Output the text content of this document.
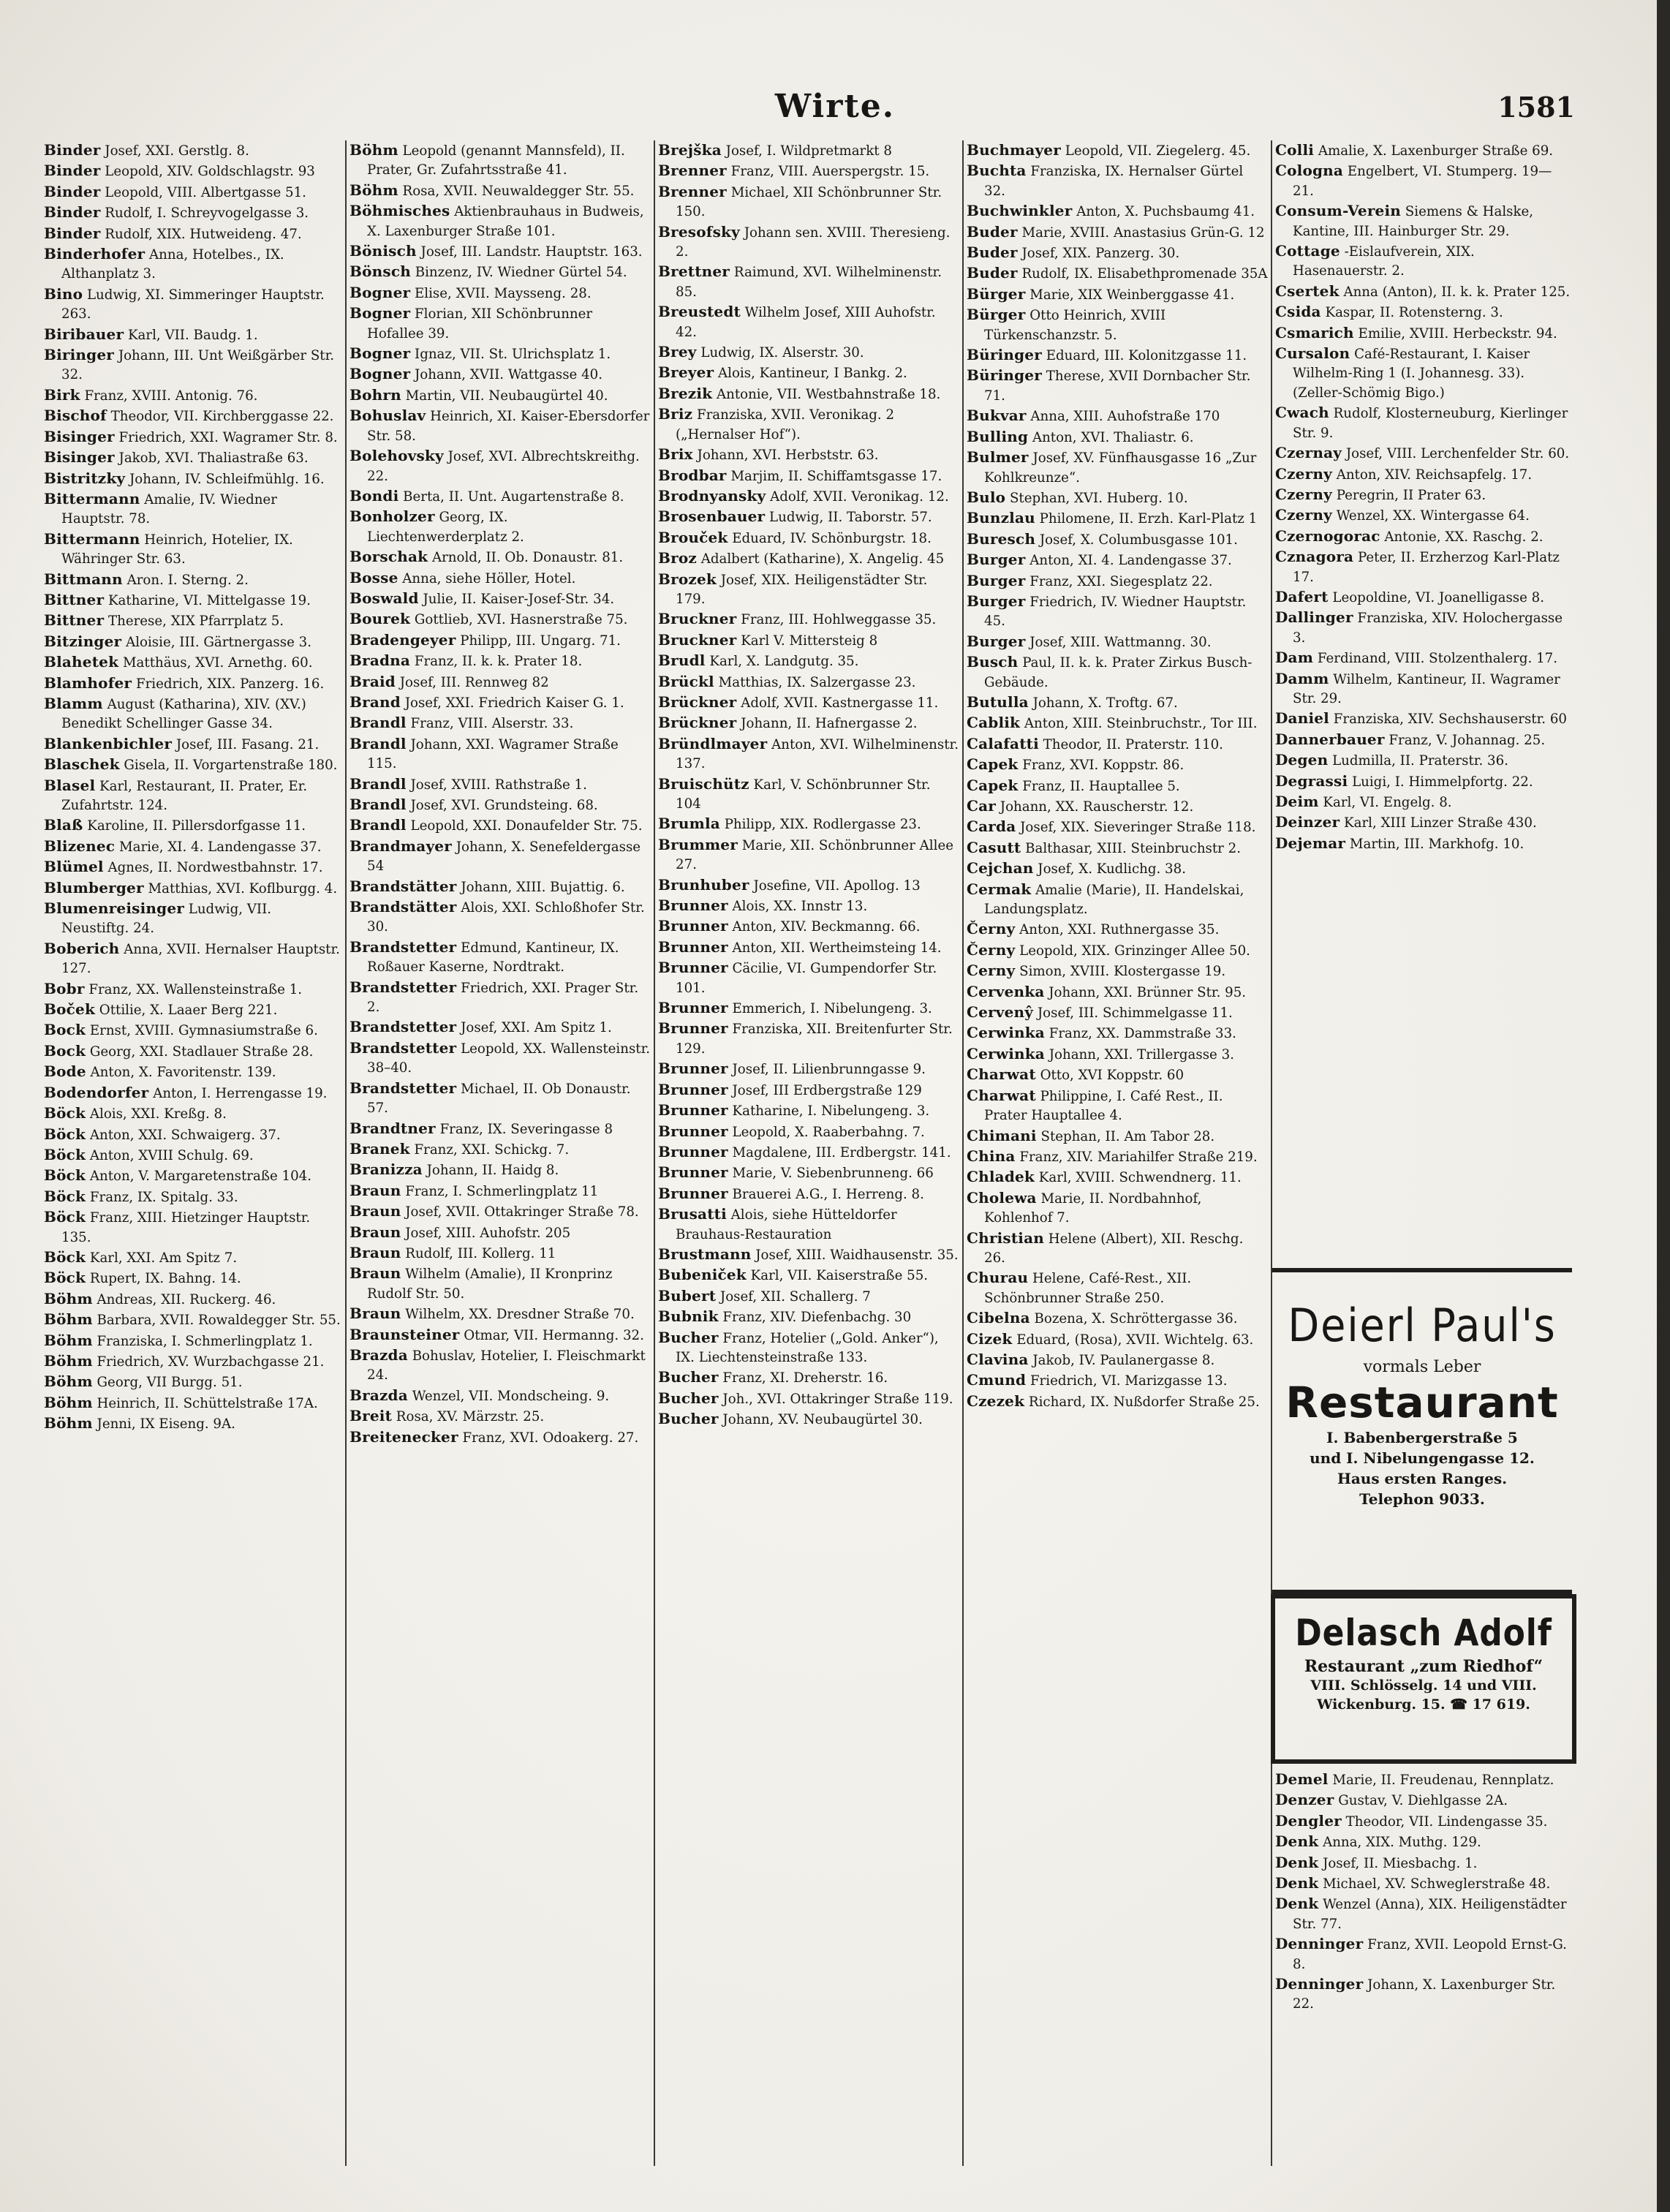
Wirte.	1581

Binder Josef, XXI. Gerstlg. 8.

Binder Leopold, XIV. Goldschlagstr. 93

Binder Leopold, VIII. Albertgasse 51.

Binder Rudolf, I. Schreyvogelgasse 3.

Binder Rudolf, XIX. Hutweideng. 47.

Binderhofer Anna, Hotelbes., IX. Althanplatz 3.

Bino Ludwig, XI. Simmeringer Hauptstr. 263.

Biribauer Karl, VII. Baudg. 1.

Biringer Johann, III. Unt Weißgärber Str. 32.

Birk Franz, XVIII. Antonig. 76.

Bischof Theodor, VII. Kirchberggasse 22.

Bisinger Friedrich, XXI. Wagramer Str. 8.

Bisinger Jakob, XVI. Thaliastraße 63.

Bistritzky Johann, IV. Schleifmühlg. 16.

Bittermann Amalie, IV. Wiedner Hauptstr. 78.

Bittermann Heinrich, Hotelier, IX. Währinger Str. 63.

Bittmann Aron. I. Sterng. 2.

Bittner Katharine, VI. Mittelgasse 19.

Bittner Therese, XIX Pfarrplatz 5.

Bitzinger Aloisie, III. Gärtnergasse 3.

Blahetek Matthäus, XVI. Arnethg. 60.

Blamhofer Friedrich, XIX. Panzerg. 16.

Blamm August (Katharina), XIV. (XV.) Benedikt Schellinger Gasse 34.

Blankenbichler Josef, III. Fasang. 21.

Blaschek Gisela, II. Vorgartenstraße 180.

Blasel Karl, Restaurant, II. Prater, Er. Zufahrtstr. 124.

Blaß Karoline, II. Pillersdorfgasse 11.

Blizenec Marie, XI. 4. Landengasse 37.

Blümel Agnes, II. Nordwestbahnstr. 17.

Blumberger Matthias, XVI. Koflburgg. 4.

Blumenreisinger Ludwig, VII. Neustiftg. 24.

Boberich Anna, XVII. Hernalser Hauptstr. 127.

Bobr Franz, XX. Wallensteinstraße 1.

Boček Ottilie, X. Laaer Berg 221.

Bock Ernst, XVIII. Gymnasiumstraße 6.

Bock Georg, XXI. Stadlauer Straße 28.

Bode Anton, X. Favoritenstr. 139.

Bodendorfer Anton, I. Herrengasse 19.

Böck Alois, XXI. Kreßg. 8.

Böck Anton, XXI. Schwaigerg. 37.

Böck Anton, XVIII Schulg. 69.

Böck Anton, V. Margaretenstraße 104.

Böck Franz, IX. Spitalg. 33.

Böck Franz, XIII. Hietzinger Hauptstr. 135.

Böck Karl, XXI. Am Spitz 7.

Böck Rupert, IX. Bahng. 14.

Böhm Andreas, XII. Ruckerg. 46.

Böhm Barbara, XVII. Rowaldegger Str. 55.

Böhm Franziska, I. Schmerlingplatz 1.

Böhm Friedrich, XV. Wurzbachgasse 21.

Böhm Georg, VII Burgg. 51.

Böhm Heinrich, II. Schüttelstraße 17A.

Böhm Jenni, IX Eiseng. 9A.

Böhm Leopold (genannt Mannsfeld), II. Prater, Gr. Zufahrtsstraße 41.

Böhm Rosa, XVII. Neuwaldegger Str. 55.

Böhmisches Aktienbrauhaus in Budweis, X. Laxenburger Straße 101.

Bönisch Josef, III. Landstr. Hauptstr. 163.

Bönsch Binzenz, IV. Wiedner Gürtel 54.

Bogner Elise, XVII. Maysseng. 28.

Bogner Florian, XII Schönbrunner Hofallee 39.

Bogner Ignaz, VII. St. Ulrichsplatz 1.

Bogner Johann, XVII. Wattgasse 40.

Bohrn Martin, VII. Neubaugürtel 40.

Bohuslav Heinrich, XI. Kaiser-Ebersdorfer Str. 58.

Bolehovsky Josef, XVI. Albrechtskreithg. 22.

Bondi Berta, II. Unt. Augartenstraße 8.

Bonholzer Georg, IX. Liechtenwerderplatz 2.

Borschak Arnold, II. Ob. Donaustr. 81.

Bosse Anna, siehe Höller, Hotel.

Boswald Julie, II. Kaiser-Josef-Str. 34.

Bourek Gottlieb, XVI. Hasnerstraße 75.

Bradengeyer Philipp, III. Ungarg. 71.

Bradna Franz, II. k. k. Prater 18.

Braid Josef, III. Rennweg 82

Brand Josef, XXI. Friedrich Kaiser G. 1.

Brandl Franz, VIII. Alserstr. 33.

Brandl Johann, XXI. Wagramer Straße 115.

Brandl Josef, XVIII. Rathstraße 1.

Brandl Josef, XVI. Grundsteing. 68.

Brandl Leopold, XXI. Donaufelder Str. 75.

Brandmayer Johann, X. Senefeldergasse 54

Brandstätter Johann, XIII. Bujattig. 6.

Brandstätter Alois, XXI. Schloßhofer Str. 30.

Brandstetter Edmund, Kantineur, IX. Roßauer Kaserne, Nordtrakt.

Brandstetter Friedrich, XXI. Prager Str. 2.

Brandstetter Josef, XXI. Am Spitz 1.

Brandstetter Leopold, XX. Wallensteinstr. 38–40.

Brandstetter Michael, II. Ob Donaustr. 57.

Brandtner Franz, IX. Severingasse 8

Branek Franz, XXI. Schickg. 7.

Branizza Johann, II. Haidg 8.

Braun Franz, I. Schmerlingplatz 11

Braun Josef, XVII. Ottakringer Straße 78.

Braun Josef, XIII. Auhofstr. 205

Braun Rudolf, III. Kollerg. 11

Braun Wilhelm (Amalie), II Kronprinz Rudolf Str. 50.

Braun Wilhelm, XX. Dresdner Straße 70.

Braunsteiner Otmar, VII. Hermanng. 32.

Brazda Bohuslav, Hotelier, I. Fleischmarkt 24.

Brazda Wenzel, VII. Mondscheing. 9.

Breit Rosa, XV. Märzstr. 25.

Breitenecker Franz, XVI. Odoakerg. 27.

Brejška Josef, I. Wildpretmarkt 8

Brenner Franz, VIII. Auerspergstr. 15.

Brenner Michael, XII Schönbrunner Str. 150.

Bresofsky Johann sen. XVIII. Theresieng. 2.

Brettner Raimund, XVI. Wilhelminenstr. 85.

Breustedt Wilhelm Josef, XIII Auhofstr. 42.

Brey Ludwig, IX. Alserstr. 30.

Breyer Alois, Kantineur, I Bankg. 2.

Brezik Antonie, VII. Westbahnstraße 18.

Briz Franziska, XVII. Veronikag. 2 („Hernalser Hof“).

Brix Johann, XVI. Herbststr. 63.

Brodbar Marjim, II. Schiffamtsgasse 17.

Brodnyansky Adolf, XVII. Veronikag. 12.

Brosenbauer Ludwig, II. Taborstr. 57.

Brouček Eduard, IV. Schönburgstr. 18.

Broz Adalbert (Katharine), X. Angelig. 45

Brozek Josef, XIX. Heiligenstädter Str. 179.

Bruckner Franz, III. Hohlweggasse 35.

Bruckner Karl V. Mittersteig 8

Brudl Karl, X. Landgutg. 35.

Brückl Matthias, IX. Salzergasse 23.

Brückner Adolf, XVII. Kastnergasse 11.

Brückner Johann, II. Hafnergasse 2.

Bründlmayer Anton, XVI. Wilhelminenstr. 137.

Bruischütz Karl, V. Schönbrunner Str. 104

Brumla Philipp, XIX. Rodlergasse 23.

Brummer Marie, XII. Schönbrunner Allee 27.

Brunhuber Josefine, VII. Apollog. 13

Brunner Alois, XX. Innstr 13.

Brunner Anton, XIV. Beckmanng. 66.

Brunner Anton, XII. Wertheimsteing 14.

Brunner Cäcilie, VI. Gumpendorfer Str. 101.

Brunner Emmerich, I. Nibelungeng. 3.

Brunner Franziska, XII. Breitenfurter Str. 129.

Brunner Josef, II. Lilienbrunngasse 9.

Brunner Josef, III Erdbergstraße 129

Brunner Katharine, I. Nibelungeng. 3.

Brunner Leopold, X. Raaberbahng. 7.

Brunner Magdalene, III. Erdbergstr. 141.

Brunner Marie, V. Siebenbrunneng. 66

Brunner Brauerei A.G., I. Herreng. 8.

Brusatti Alois, siehe Hütteldorfer Brauhaus-Restauration

Brustmann Josef, XIII. Waidhausenstr. 35.

Bubeniček Karl, VII. Kaiserstraße 55.

Bubert Josef, XII. Schallerg. 7

Bubnik Franz, XIV. Diefenbachg. 30

Bucher Franz, Hotelier („Gold. Anker“), IX. Liechtensteinstraße 133.

Bucher Franz, XI. Dreherstr. 16.

Bucher Joh., XVI. Ottakringer Straße 119.

Bucher Johann, XV. Neubaugürtel 30.

Buchmayer Leopold, VII. Ziegelerg. 45.

Buchta Franziska, IX. Hernalser Gürtel 32.

Buchwinkler Anton, X. Puchsbaumg 41.

Buder Marie, XVIII. Anastasius Grün-G. 12

Buder Josef, XIX. Panzerg. 30.

Buder Rudolf, IX. Elisabethpromenade 35A

Bürger Marie, XIX Weinberggasse 41.

Bürger Otto Heinrich, XVIII Türkenschanzstr. 5.

Büringer Eduard, III. Kolonitzgasse 11.

Büringer Therese, XVII Dornbacher Str. 71.

Bukvar Anna, XIII. Auhofstraße 170

Bulling Anton, XVI. Thaliastr. 6.

Bulmer Josef, XV. Fünfhausgasse 16 „Zur Kohlkreunze“.

Bulo Stephan, XVI. Huberg. 10.

Bunzlau Philomene, II. Erzh. Karl-Platz 1

Buresch Josef, X. Columbusgasse 101.

Burger Anton, XI. 4. Landengasse 37.

Burger Franz, XXI. Siegesplatz 22.

Burger Friedrich, IV. Wiedner Hauptstr. 45.

Burger Josef, XIII. Wattmanng. 30.

Busch Paul, II. k. k. Prater Zirkus Busch-Gebäude.

Butulla Johann, X. Troftg. 67.

Cablik Anton, XIII. Steinbruchstr., Tor III.

Calafatti Theodor, II. Praterstr. 110.

Capek Franz, XVI. Koppstr. 86.

Capek Franz, II. Hauptallee 5.

Car Johann, XX. Rauscherstr. 12.

Carda Josef, XIX. Sieveringer Straße 118.

Casutt Balthasar, XIII. Steinbruchstr 2.

Cejchan Josef, X. Kudlichg. 38.

Cermak Amalie (Marie), II. Handelskai, Landungsplatz.

Černy Anton, XXI. Ruthnergasse 35.

Černy Leopold, XIX. Grinzinger Allee 50.

Cerny Simon, XVIII. Klostergasse 19.

Cervenka Johann, XXI. Brünner Str. 95.

Cervenŷ Josef, III. Schimmelgasse 11.

Cerwinka Franz, XX. Dammstraße 33.

Cerwinka Johann, XXI. Trillergasse 3.

Charwat Otto, XVI Koppstr. 60

Charwat Philippine, I. Café Rest., II. Prater Hauptallee 4.

Chimani Stephan, II. Am Tabor 28.

China Franz, XIV. Mariahilfer Straße 219.

Chladek Karl, XVIII. Schwendnerg. 11.

Cholewa Marie, II. Nordbahnhof, Kohlenhof 7.

Christian Helene (Albert), XII. Reschg. 26.

Churau Helene, Café-Rest., XII. Schönbrunner Straße 250.

Cibelna Bozena, X. Schröttergasse 36.

Cizek Eduard, (Rosa), XVII. Wichtelg. 63.

Clavina Jakob, IV. Paulanergasse 8.

Cmund Friedrich, VI. Marizgasse 13.

Czezek Richard, IX. Nußdorfer Straße 25.

Colli Amalie, X. Laxenburger Straße 69.

Cologna Engelbert, VI. Stumperg. 19—21.

Consum-Verein Siemens & Halske, Kantine, III. Hainburger Str. 29.

Cottage -Eislaufverein, XIX. Hasenauerstr. 2.

Csertek Anna (Anton), II. k. k. Prater 125.

Csida Kaspar, II. Rotensterng. 3.

Csmarich Emilie, XVIII. Herbeckstr. 94.

Cursalon Café-Restaurant, I. Kaiser Wilhelm-Ring 1 (I. Johannesg. 33). (Zeller-Schömig Bigo.)

Cwach Rudolf, Klosterneuburg, Kierlinger Str. 9.

Czernay Josef, VIII. Lerchenfelder Str. 60.

Czerny Anton, XIV. Reichsapfelg. 17.

Czerny Peregrin, II Prater 63.

Czerny Wenzel, XX. Wintergasse 64.

Czernogorac Antonie, XX. Raschg. 2.

Cznagora Peter, II. Erzherzog Karl-Platz 17.

Dafert Leopoldine, VI. Joanelligasse 8.

Dallinger Franziska, XIV. Holochergasse 3.

Dam Ferdinand, VIII. Stolzenthalerg. 17.

Damm Wilhelm, Kantineur, II. Wagramer Str. 29.

Daniel Franziska, XIV. Sechshauserstr. 60

Dannerbauer Franz, V. Johannag. 25.

Degen Ludmilla, II. Praterstr. 36.

Degrassi Luigi, I. Himmelpfortg. 22.

Deim Karl, VI. Engelg. 8.

Deinzer Karl, XIII Linzer Straße 430.

Dejemar Martin, III. Markhofg. 10.

Deierl Paul's
vormals Leber
Restaurant
I. Babenbergerstraße 5
und I. Nibelungengasse 12.
Haus ersten Ranges.
Telephon 9033.
Delasch Adolf
Restaurant „zum Riedhof“
VIII. Schlösselg. 14 und VIII.
Wickenburg. 15. ☎ 17 619.

Demel Marie, II. Freudenau, Rennplatz.

Denzer Gustav, V. Diehlgasse 2A.

Dengler Theodor, VII. Lindengasse 35.

Denk Anna, XIX. Muthg. 129.

Denk Josef, II. Miesbachg. 1.

Denk Michael, XV. Schweglerstraße 48.

Denk Wenzel (Anna), XIX. Heiligenstädter Str. 77.

Denninger Franz, XVII. Leopold Ernst-G. 8.

Denninger Johann, X. Laxenburger Str. 22.
